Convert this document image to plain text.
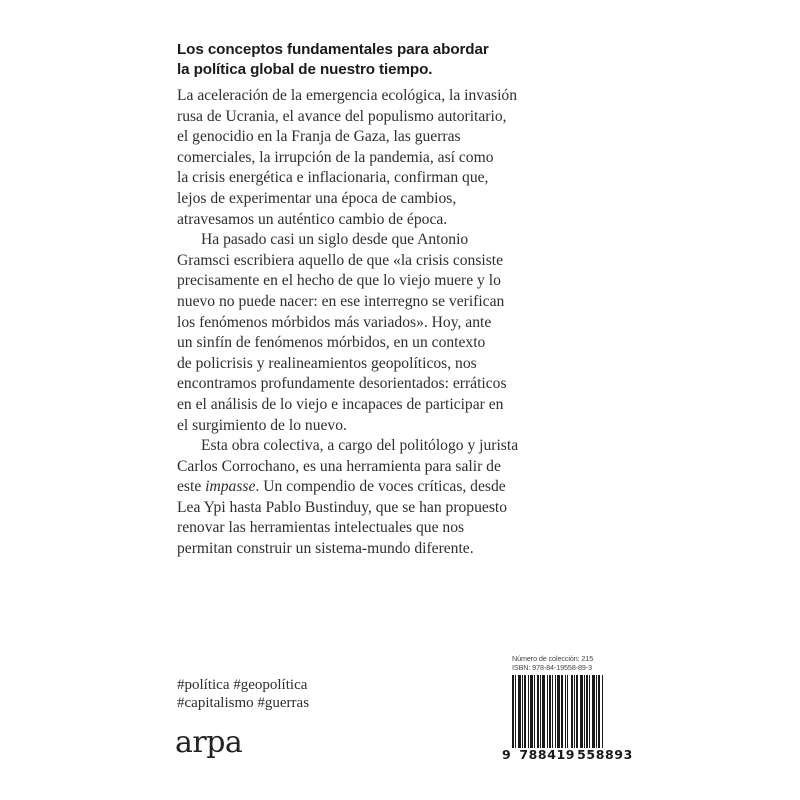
Los conceptos fundamentales para abordar
la política global de nuestro tiempo.
La aceleración de la emergencia ecológica, la invasión
rusa de Ucrania, el avance del populismo autoritario,
el genocidio en la Franja de Gaza, las guerras
comerciales, la irrupción de la pandemia, así como
la crisis energética e inflacionaria, confirman que,
lejos de experimentar una época de cambios,
atravesamos un auténtico cambio de época.
Ha pasado casi un siglo desde que Antonio
Gramsci escribiera aquello de que «la crisis consiste
precisamente en el hecho de que lo viejo muere y lo
nuevo no puede nacer: en ese interregno se verifican
los fenómenos mórbidos más variados». Hoy, ante
un sinfín de fenómenos mórbidos, en un contexto
de policrisis y realineamientos geopolíticos, nos
encontramos profundamente desorientados: erráticos
en el análisis de lo viejo e incapaces de participar en
el surgimiento de lo nuevo.
Esta obra colectiva, a cargo del politólogo y jurista
Carlos Corrochano, es una herramienta para salir de
este impasse. Un compendio de voces críticas, desde
Lea Ypi hasta Pablo Bustinduy, que se han propuesto
renovar las herramientas intelectuales que nos
permitan construir un sistema-mundo diferente.
#política #geopolítica
#capitalismo #guerras
arpa
Número de colección: 215
ISBN: 978-84-19558-89-3
9 788419 558893
